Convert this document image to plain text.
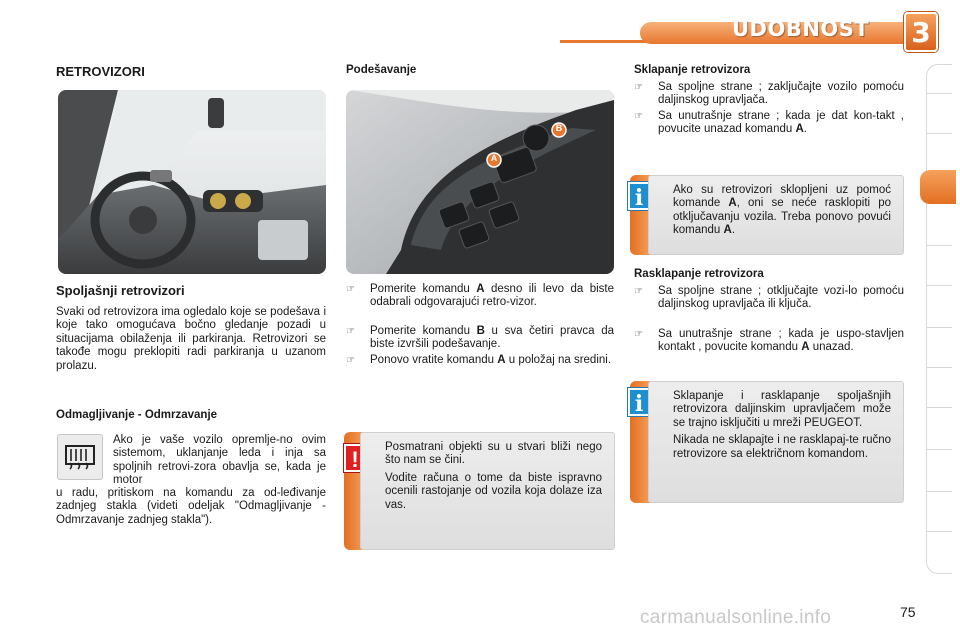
UDOBNOST 3
RETROVIZORI
Spoljašnji retrovizori
Svaki od retrovizora ima ogledalo koje se podešava i koje tako omogućava bočno gledanje pozadi u situacijama obilaženja ili parkiranja. Retrovizori se takođe mogu preklopiti radi parkiranja u uzanom prolazu.
Odmagljivanje - Odmrzavanje
Ako je vaše vozilo opremlje-no ovim sistemom, uklanjanje leda i inja sa spoljnih retrovi-zora obavlja se, kada je motor
u radu, pritiskom na komandu za od-leđivanje zadnjeg stakla (videti odeljak "Odmagljivanje - Odmrzavanje zadnjeg stakla").
Podešavanje
A
B
☞	Pomerite komandu A desno ili levo da biste odabrali odgovarajući retro-vizor.
☞	Pomerite komandu B u sva četiri pravca da biste izvršili podešavanje.
☞	Ponovo vratite komandu A u položaj na sredini.
!	Posmatrani objekti su u stvari bliži nego što nam se čini.

Vodite računa o tome da biste ispravno ocenili rastojanje od vozila koja dolaze iza vas.

Sklapanje retrovizora
☞	Sa spoljne strane ; zaključajte vozilo pomoću daljinskog upravljača.
☞	Sa unutrašnje strane ; kada je dat kon-takt , povucite unazad komandu A.
i	Ako su retrovizori sklopljeni uz pomoć komande A, oni se neće rasklopiti po otključavanju vozila. Treba ponovo povući komandu A.

Rasklapanje retrovizora
☞	Sa spoljne strane ; otključajte vozi-lo pomoću daljinskog upravljača ili ključa.
☞	Sa unutrašnje strane ; kada je uspo-stavljen kontakt , povucite komandu A unazad.
i	Sklapanje i rasklapanje spoljašnjih retrovizora daljinskim upravljačem može se trajno isključiti u mreži PEUGEOT.

Nikada ne sklapajte i ne rasklapaj-te ručno retrovizore sa električnom komandom.

carmanualsonline.info	75
